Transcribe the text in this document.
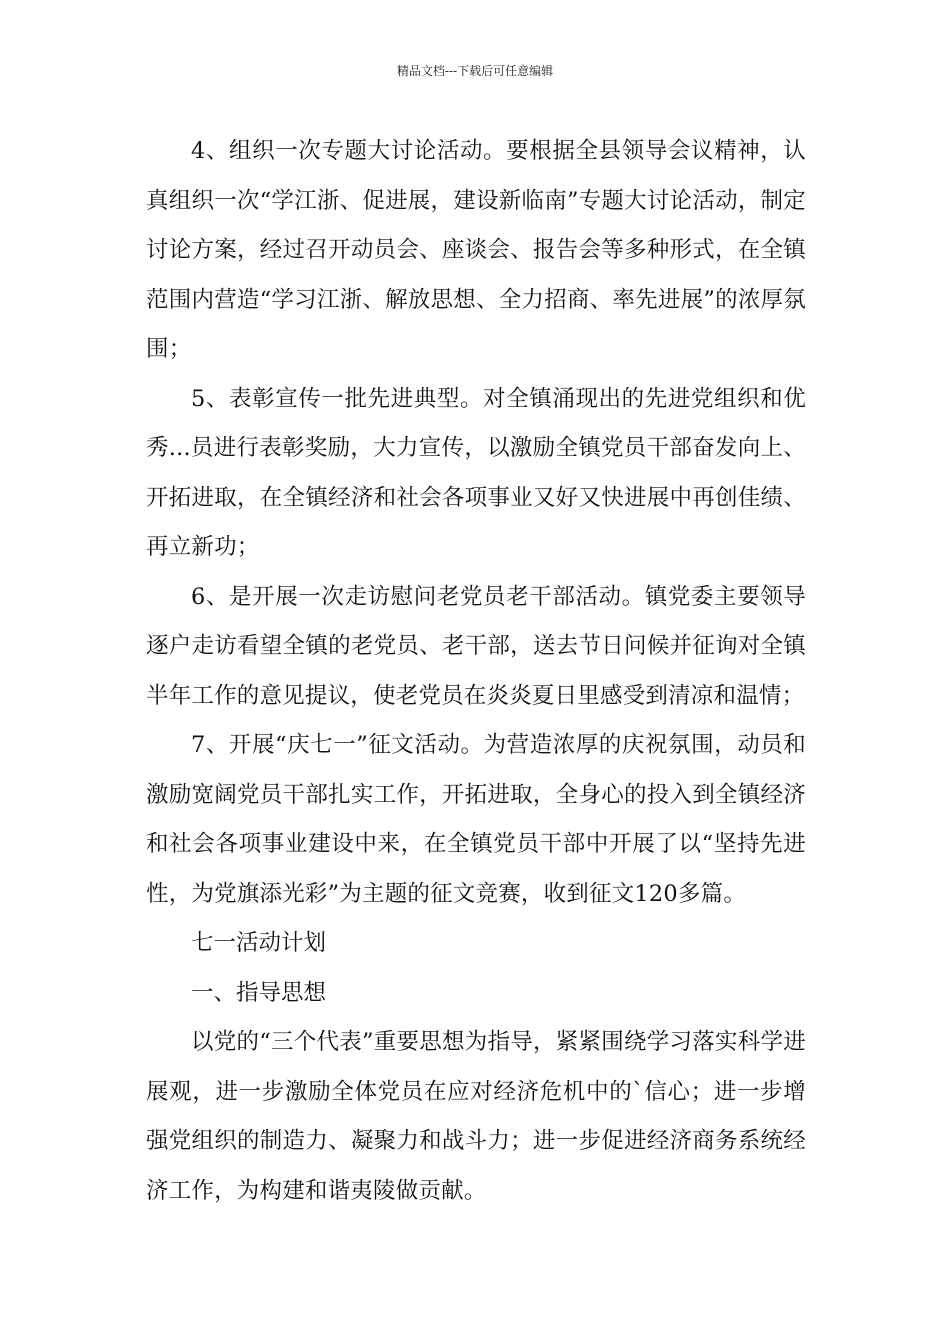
精品文档---下载后可任意编辑

4、组织一次专题大讨论活动。要根据全县领导会议精神，认真组织一次“学江浙、促进展，建设新临南”专题大讨论活动，制定讨论方案，经过召开动员会、座谈会、报告会等多种形式，在全镇范围内营造“学习江浙、解放思想、全力招商、率先进展”的浓厚氛围；

5、表彰宣传一批先进典型。对全镇涌现出的先进党组织和优秀...员进行表彰奖励，大力宣传，以激励全镇党员干部奋发向上、开拓进取，在全镇经济和社会各项事业又好又快进展中再创佳绩、再立新功；

6、是开展一次走访慰问老党员老干部活动。镇党委主要领导逐户走访看望全镇的老党员、老干部，送去节日问候并征询对全镇半年工作的意见提议，使老党员在炎炎夏日里感受到清凉和温情；

7、开展“庆七一”征文活动。为营造浓厚的庆祝氛围，动员和激励宽阔党员干部扎实工作，开拓进取，全身心的投入到全镇经济和社会各项事业建设中来，在全镇党员干部中开展了以“坚持先进性，为党旗添光彩”为主题的征文竞赛，收到征文120多篇。

七一活动计划

一、指导思想

以党的“三个代表”重要思想为指导，紧紧围绕学习落实科学进展观，进一步激励全体党员在应对经济危机中的`信心；进一步增强党组织的制造力、凝聚力和战斗力；进一步促进经济商务系统经济工作，为构建和谐夷陵做贡献。
